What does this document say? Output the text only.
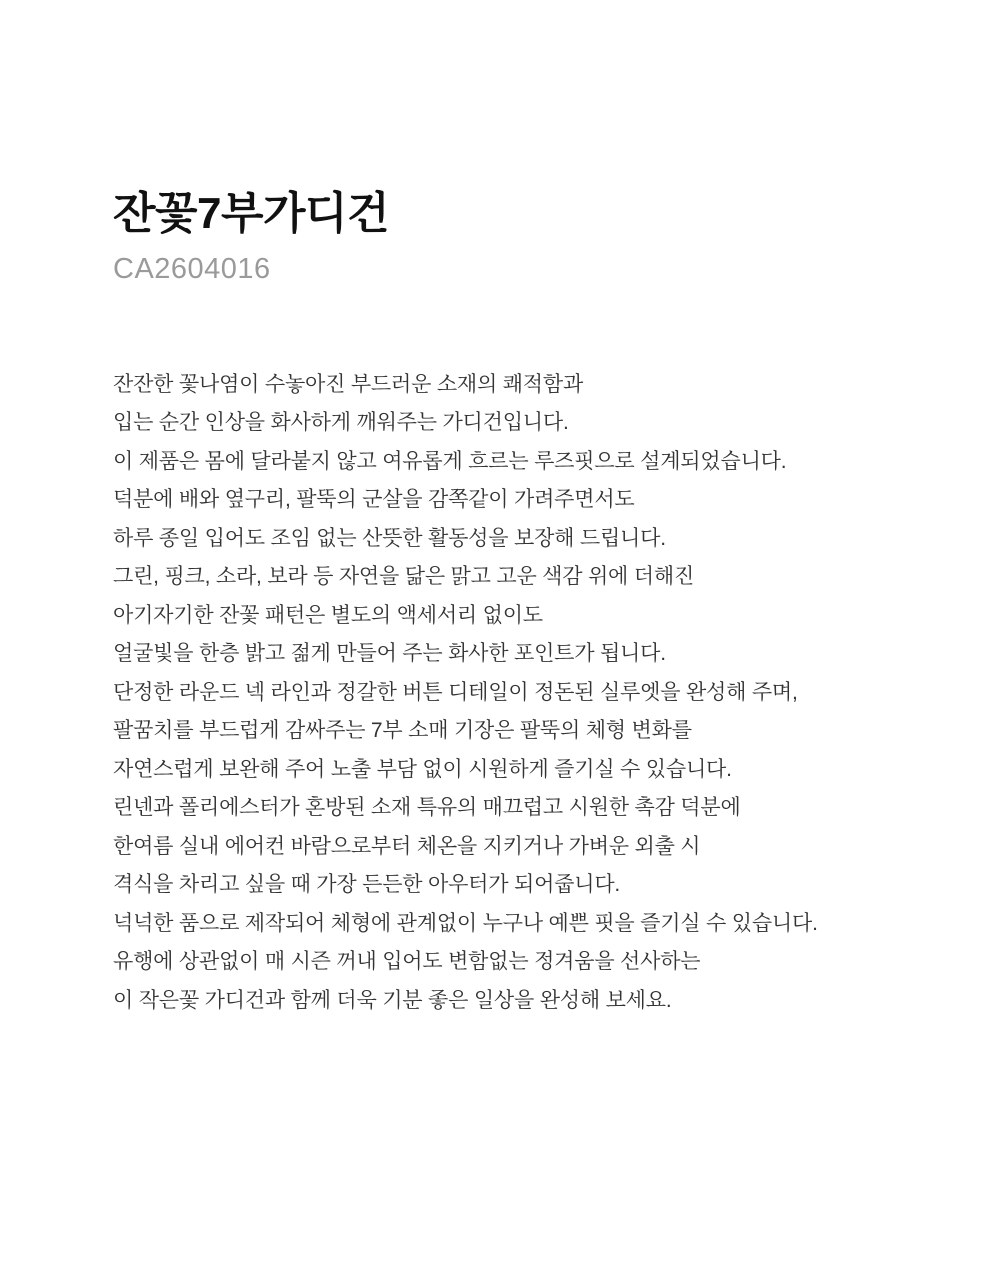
잔꽃7부가디건
CA2604016
잔잔한 꽃나염이 수놓아진 부드러운 소재의 쾌적함과
입는 순간 인상을 화사하게 깨워주는 가디건입니다.
이 제품은 몸에 달라붙지 않고 여유롭게 흐르는 루즈핏으로 설계되었습니다.
덕분에 배와 옆구리, 팔뚝의 군살을 감쪽같이 가려주면서도
하루 종일 입어도 조임 없는 산뜻한 활동성을 보장해 드립니다.
그린, 핑크, 소라, 보라 등 자연을 닮은 맑고 고운 색감 위에 더해진
아기자기한 잔꽃 패턴은 별도의 액세서리 없이도
얼굴빛을 한층 밝고 젊게 만들어 주는 화사한 포인트가 됩니다.
단정한 라운드 넥 라인과 정갈한 버튼 디테일이 정돈된 실루엣을 완성해 주며,
팔꿈치를 부드럽게 감싸주는 7부 소매 기장은 팔뚝의 체형 변화를
자연스럽게 보완해 주어 노출 부담 없이 시원하게 즐기실 수 있습니다.
린넨과 폴리에스터가 혼방된 소재 특유의 매끄럽고 시원한 촉감 덕분에
한여름 실내 에어컨 바람으로부터 체온을 지키거나 가벼운 외출 시
격식을 차리고 싶을 때 가장 든든한 아우터가 되어줍니다.
넉넉한 품으로 제작되어 체형에 관계없이 누구나 예쁜 핏을 즐기실 수 있습니다.
유행에 상관없이 매 시즌 꺼내 입어도 변함없는 정겨움을 선사하는
이 작은꽃 가디건과 함께 더욱 기분 좋은 일상을 완성해 보세요.
